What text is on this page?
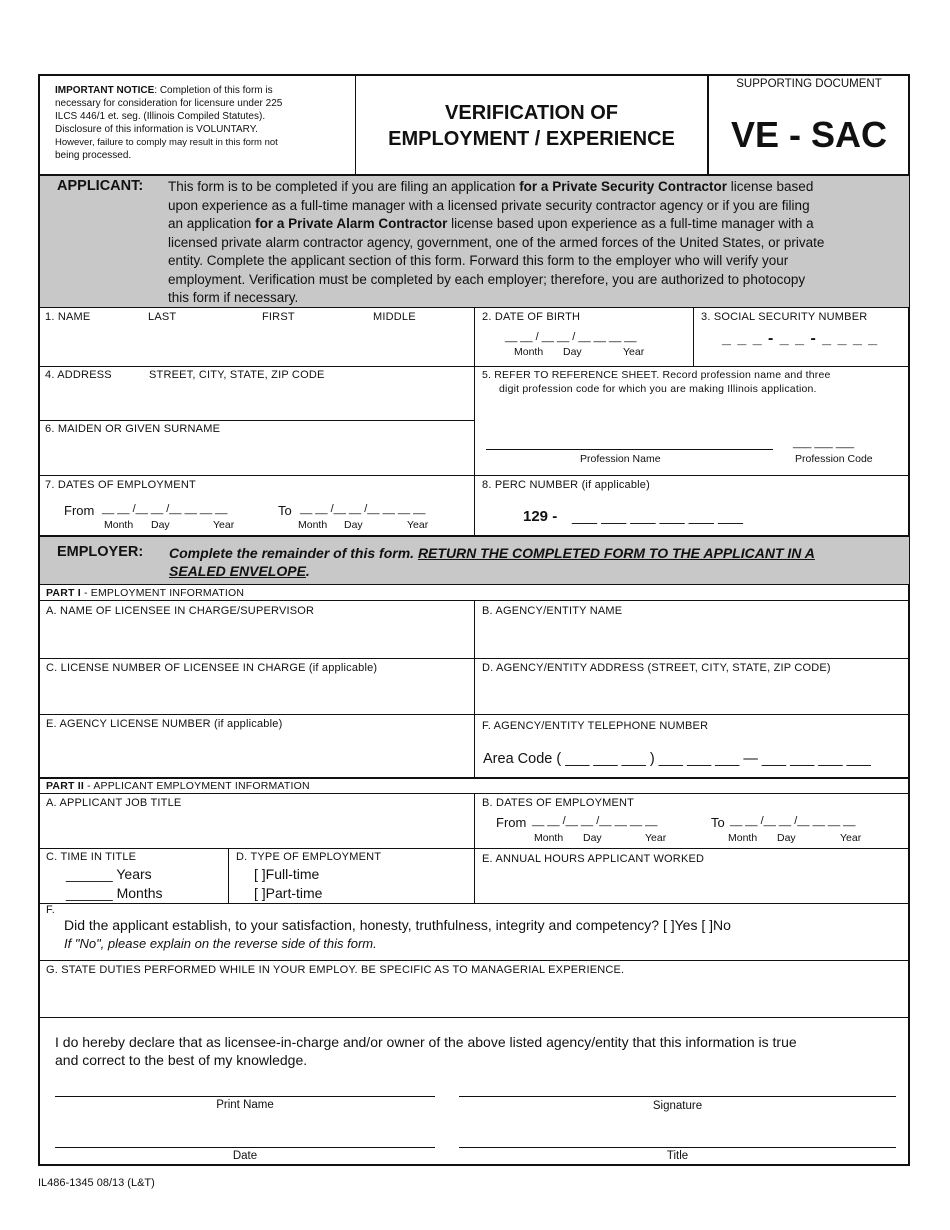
IMPORTANT NOTICE: Completion of this form is
necessary for consideration for licensure under 225
ILCS 446/1 et. seg. (Illinois Compiled Statutes).
Disclosure of this information is VOLUNTARY.
However, failure to comply may result in this form not
being processed.
VERIFICATION OF
EMPLOYMENT / EXPERIENCE
SUPPORTING DOCUMENT
VE - SAC
APPLICANT: This form is to be completed if you are filing an application for a Private Security Contractor license based
upon experience as a full-time manager with a licensed private security contractor agency or if you are filing
an application for a Private Alarm Contractor license based upon experience as a full-time manager with a
licensed private alarm contractor agency, government, one of the armed forces of the United States, or private
entity. Complete the applicant section of this form. Forward this form to the employer who will verify your
employment. Verification must be completed by each employer; therefore, you are authorized to photocopy
this form if necessary.
1. NAME	LAST	FIRST	MIDDLE	2. DATE OF BIRTH
__ __ / __ __ / __ __ __ __
Month Day	Year
3. SOCIAL SECURITY NUMBER
_ _ _ - _ _ - _ _ _ _
4. ADDRESS	STREET, CITY, STATE, ZIP CODE	5. REFER TO REFERENCE SHEET. Record profession name and three
digit profession code for which you are making Illinois application.
Profession Name
___ ___ ___
Profession Code
6. MAIDEN OR GIVEN SURNAME
7. DATES OF EMPLOYMENT
From __ __ /__ __ /__ __ __ __	To __ __ /__ __ /__ __ __ __
Month Day	Year	Month Day	Year
8. PERC NUMBER (if applicable)
129 - ___ ___ ___ ___ ___ ___
EMPLOYER: Complete the remainder of this form. RETURN THE COMPLETED FORM TO THE APPLICANT IN A
SEALED ENVELOPE.
PART I - EMPLOYMENT INFORMATION
A. NAME OF LICENSEE IN CHARGE/SUPERVISOR	B. AGENCY/ENTITY NAME
C. LICENSE NUMBER OF LICENSEE IN CHARGE (if applicable)	D. AGENCY/ENTITY ADDRESS (STREET, CITY, STATE, ZIP CODE)
E. AGENCY LICENSE NUMBER (if applicable)	F. AGENCY/ENTITY TELEPHONE NUMBER
Area Code ( ___ ___ ___ ) ___ ___ ___ — ___ ___ ___ ___
PART II - APPLICANT EMPLOYMENT INFORMATION
A. APPLICANT JOB TITLE	B. DATES OF EMPLOYMENT
From __ __ /__ __ /__ __ __ __	To __ __ /__ __ /__ __ __ __
Month Day	Year	Month Day	Year
C. TIME IN TITLE
______ Years
______ Months
D. TYPE OF EMPLOYMENT
[ ]Full-time
[ ]Part-time
E. ANNUAL HOURS APPLICANT WORKED
F.
Did the applicant establish, to your satisfaction, honesty, truthfulness, integrity and competency? [ ]Yes [ ]No
If "No", please explain on the reverse side of this form.
G. STATE DUTIES PERFORMED WHILE IN YOUR EMPLOY. BE SPECIFIC AS TO MANAGERIAL EXPERIENCE.
I do hereby declare that as licensee-in-charge and/or owner of the above listed agency/entity that this information is true
and correct to the best of my knowledge.
Print Name	Signature
Date	Title
IL486-1345 08/13 (L&T)
